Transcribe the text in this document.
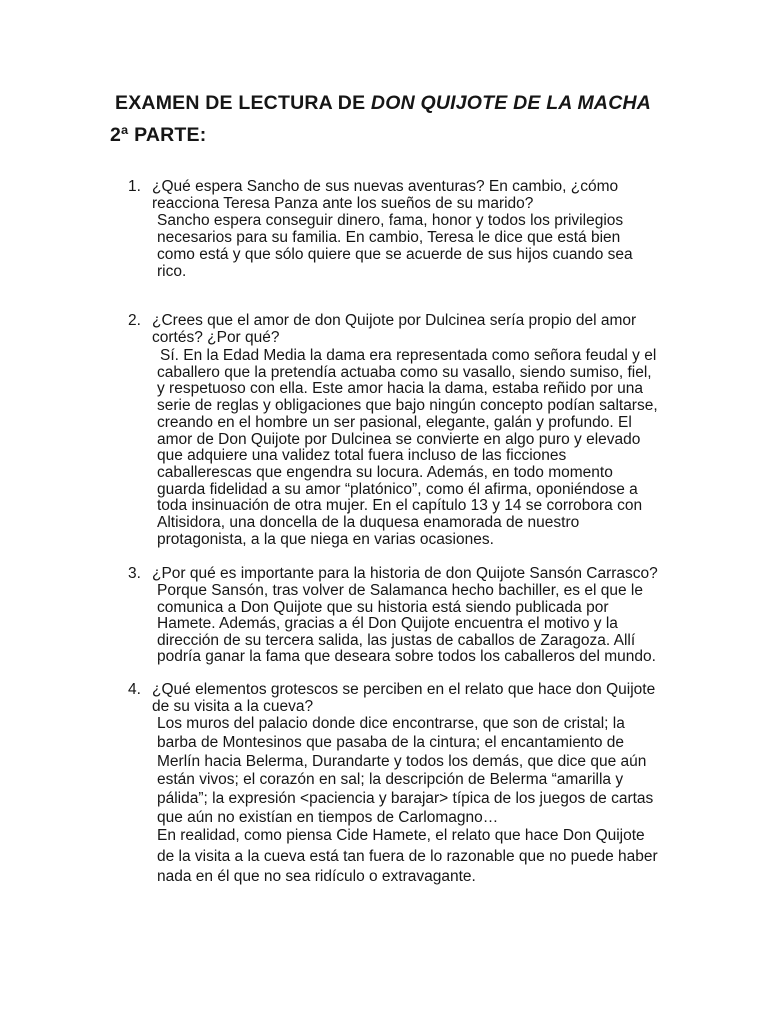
EXAMEN DE LECTURA DE DON QUIJOTE DE LA MACHA
2ª PARTE:
1. ¿Qué espera Sancho de sus nuevas aventuras? En cambio, ¿cómo
reacciona Teresa Panza ante los sueños de su marido?
Sancho espera conseguir dinero, fama, honor y todos los privilegios
necesarios para su familia. En cambio, Teresa le dice que está bien
como está y que sólo quiere que se acuerde de sus hijos cuando sea
rico.
2. ¿Crees que el amor de don Quijote por Dulcinea sería propio del amor
cortés? ¿Por qué?
Sí. En la Edad Media la dama era representada como señora feudal y el
caballero que la pretendía actuaba como su vasallo, siendo sumiso, fiel,
y respetuoso con ella. Este amor hacia la dama, estaba reñido por una
serie de reglas y obligaciones que bajo ningún concepto podían saltarse,
creando en el hombre un ser pasional, elegante, galán y profundo. El
amor de Don Quijote por Dulcinea se convierte en algo puro y elevado
que adquiere una validez total fuera incluso de las ficciones
caballerescas que engendra su locura. Además, en todo momento
guarda fidelidad a su amor “platónico”, como él afirma, oponiéndose a
toda insinuación de otra mujer. En el capítulo 13 y 14 se corrobora con
Altisidora, una doncella de la duquesa enamorada de nuestro
protagonista, a la que niega en varias ocasiones.
3. ¿Por qué es importante para la historia de don Quijote Sansón Carrasco?
Porque Sansón, tras volver de Salamanca hecho bachiller, es el que le
comunica a Don Quijote que su historia está siendo publicada por
Hamete. Además, gracias a él Don Quijote encuentra el motivo y la
dirección de su tercera salida, las justas de caballos de Zaragoza. Allí
podría ganar la fama que deseara sobre todos los caballeros del mundo.
4. ¿Qué elementos grotescos se perciben en el relato que hace don Quijote
de su visita a la cueva?
Los muros del palacio donde dice encontrarse, que son de cristal; la
barba de Montesinos que pasaba de la cintura; el encantamiento de
Merlín hacia Belerma, Durandarte y todos los demás, que dice que aún
están vivos; el corazón en sal; la descripción de Belerma “amarilla y
pálida”; la expresión <paciencia y barajar> típica de los juegos de cartas
que aún no existían en tiempos de Carlomagno…
En realidad, como piensa Cide Hamete, el relato que hace Don Quijote
de la visita a la cueva está tan fuera de lo razonable que no puede haber
nada en él que no sea ridículo o extravagante.
